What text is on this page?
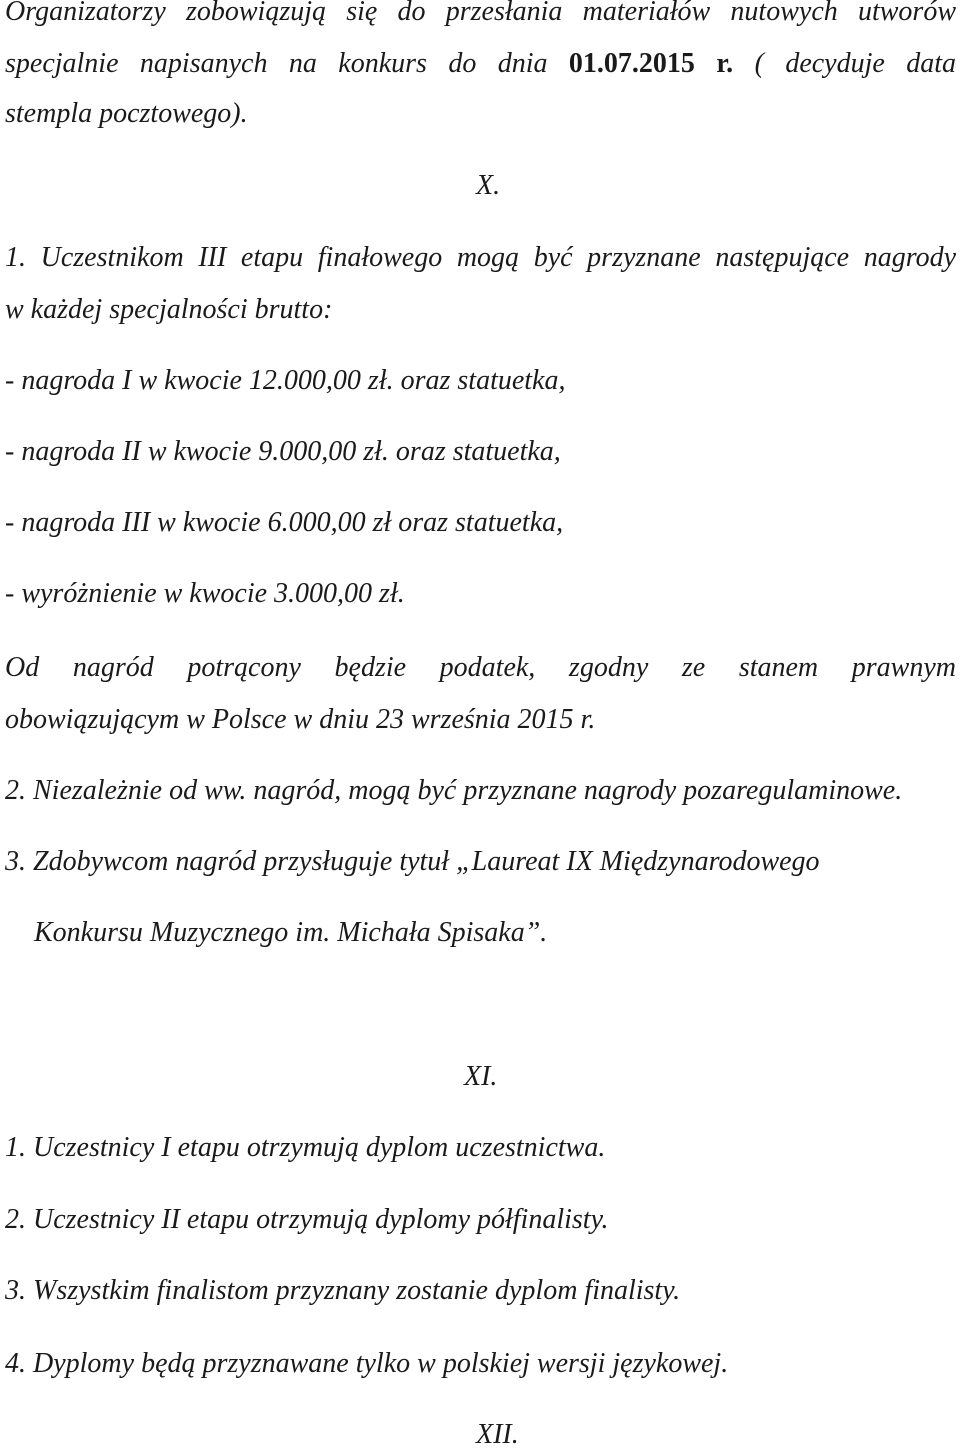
Organizatorzy zobowiązują się do przesłania materiałów nutowych utworów
specjalnie napisanych na konkurs do dnia 01.07.2015 r. ( decyduje data
stempla pocztowego).
X.
1. Uczestnikom III etapu finałowego mogą być przyznane następujące nagrody
w każdej specjalności brutto:
- nagroda I w kwocie 12.000,00 zł. oraz statuetka,
- nagroda II w kwocie 9.000,00 zł. oraz statuetka,
- nagroda III w kwocie 6.000,00 zł oraz statuetka,
- wyróżnienie w kwocie 3.000,00 zł.
Od nagród potrącony będzie podatek, zgodny ze stanem prawnym
obowiązującym w Polsce w dniu 23 września 2015 r.
2. Niezależnie od ww. nagród, mogą być przyznane nagrody pozaregulaminowe.
3. Zdobywcom nagród przysługuje tytuł „Laureat IX Międzynarodowego
Konkursu Muzycznego im. Michała Spisaka”.
XI.
1. Uczestnicy I etapu otrzymują dyplom uczestnictwa.
2. Uczestnicy II etapu otrzymują dyplomy półfinalisty.
3. Wszystkim finalistom przyznany zostanie dyplom finalisty.
4. Dyplomy będą przyznawane tylko w polskiej wersji językowej.
XII.
